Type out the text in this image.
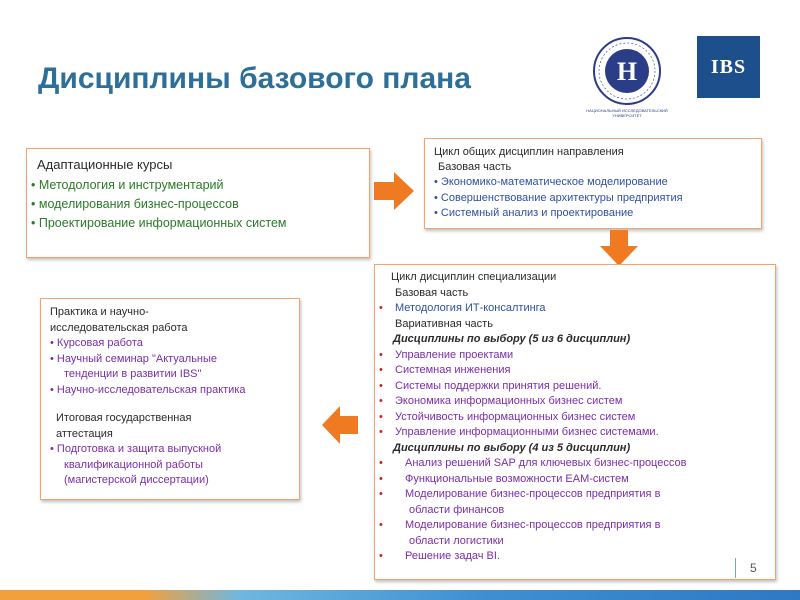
Дисциплины базового плана	Н
НАЦИОНАЛЬНЫЙ ИССЛЕДОВАТЕЛЬСКИЙ УНИВЕРСИТЕТ
IBS
Адаптационные курсы
• Методология и инструментарий
• моделирования бизнес-процессов
• Проектирование информационных систем
Цикл общих дисциплин направления
Базовая часть
• Экономико-математическое моделирование
• Совершенствование архитектуры предприятия
• Системный анализ и проектирование
Цикл дисциплин специализации
Базовая часть
• Методология ИТ-консалтинга
Вариативная часть
Дисциплины по выбору (5 из 6 дисциплин)
• Управление проектами
• Системная инженения
• Системы поддержки принятия решений.
• Экономика информационных бизнес систем
• Устойчивость информационных бизнес систем
• Управление информационными бизнес системами.
Дисциплины по выбору (4 из 5 дисциплин)
• Анализ решений SAP для ключевых бизнес-процессов
• Функциональные возможности EAM-систем
• Моделирование бизнес-процессов предприятия в
области финансов
• Моделирование бизнес-процессов предприятия в
области логистики
• Решение задач BI.
Практика и научно-
исследовательская работа
• Курсовая работа
• Научный семинар "Актуальные
тенденции в развитии IBS"
• Научно-исследовательская практика
Итоговая государственная
аттестация
• Подготовка и защита выпускной
квалификационной работы
(магистерской диссертации)
5
